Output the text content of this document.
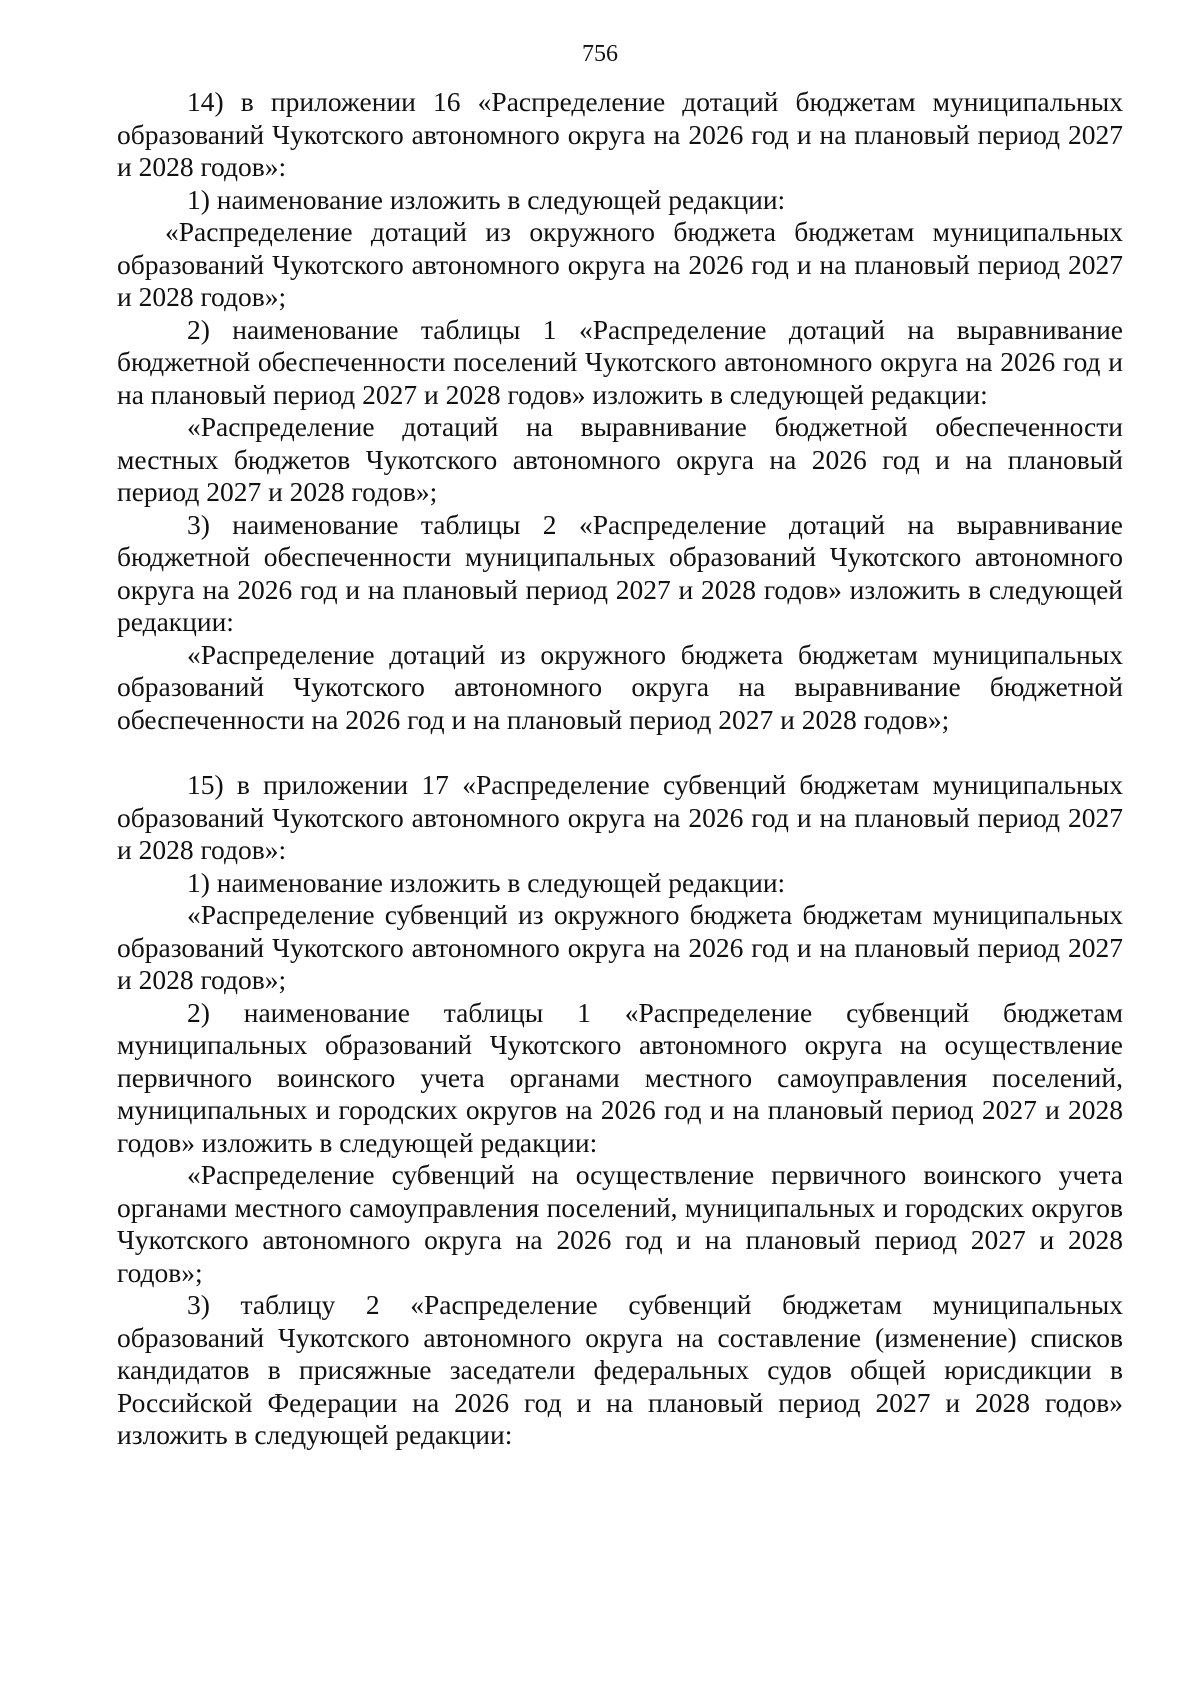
756

14) в приложении 16 «Распределение дотаций бюджетам муниципальных образований Чукотского автономного округа на 2026 год и на плановый период 2027 и 2028 годов»:

1) наименование изложить в следующей редакции:

«Распределение дотаций из окружного бюджета бюджетам муниципальных образований Чукотского автономного округа на 2026 год и на плановый период 2027 и 2028 годов»;

2) наименование таблицы 1 «Распределение дотаций на выравнивание бюджетной обеспеченности поселений Чукотского автономного округа на 2026 год и на плановый период 2027 и 2028 годов» изложить в следующей редакции:

«Распределение дотаций на выравнивание бюджетной обеспеченности местных бюджетов Чукотского автономного округа на 2026 год и на плановый период 2027 и 2028 годов»;

3) наименование таблицы 2 «Распределение дотаций на выравнивание бюджетной обеспеченности муниципальных образований Чукотского автономного округа на 2026 год и на плановый период 2027 и 2028 годов» изложить в следующей редакции:

«Распределение дотаций из окружного бюджета бюджетам муниципальных образований Чукотского автономного округа на выравнивание бюджетной обеспеченности на 2026 год и на плановый период 2027 и 2028 годов»;

15) в приложении 17 «Распределение субвенций бюджетам муниципальных образований Чукотского автономного округа на 2026 год и на плановый период 2027 и 2028 годов»:

1) наименование изложить в следующей редакции:

«Распределение субвенций из окружного бюджета бюджетам муниципальных образований Чукотского автономного округа на 2026 год и на плановый период 2027 и 2028 годов»;

2) наименование таблицы 1 «Распределение субвенций бюджетам муниципальных образований Чукотского автономного округа на осуществление первичного воинского учета органами местного самоуправления поселений, муниципальных и городских округов на 2026 год и на плановый период 2027 и 2028 годов» изложить в следующей редакции:

«Распределение субвенций на осуществление первичного воинского учета органами местного самоуправления поселений, муниципальных и городских округов Чукотского автономного округа на 2026 год и на плановый период 2027 и 2028 годов»;

3) таблицу 2 «Распределение субвенций бюджетам муниципальных образований Чукотского автономного округа на составление (изменение) списков кандидатов в присяжные заседатели федеральных судов общей юрисдикции в Российской Федерации на 2026 год и на плановый период 2027 и 2028 годов» изложить в следующей редакции:
